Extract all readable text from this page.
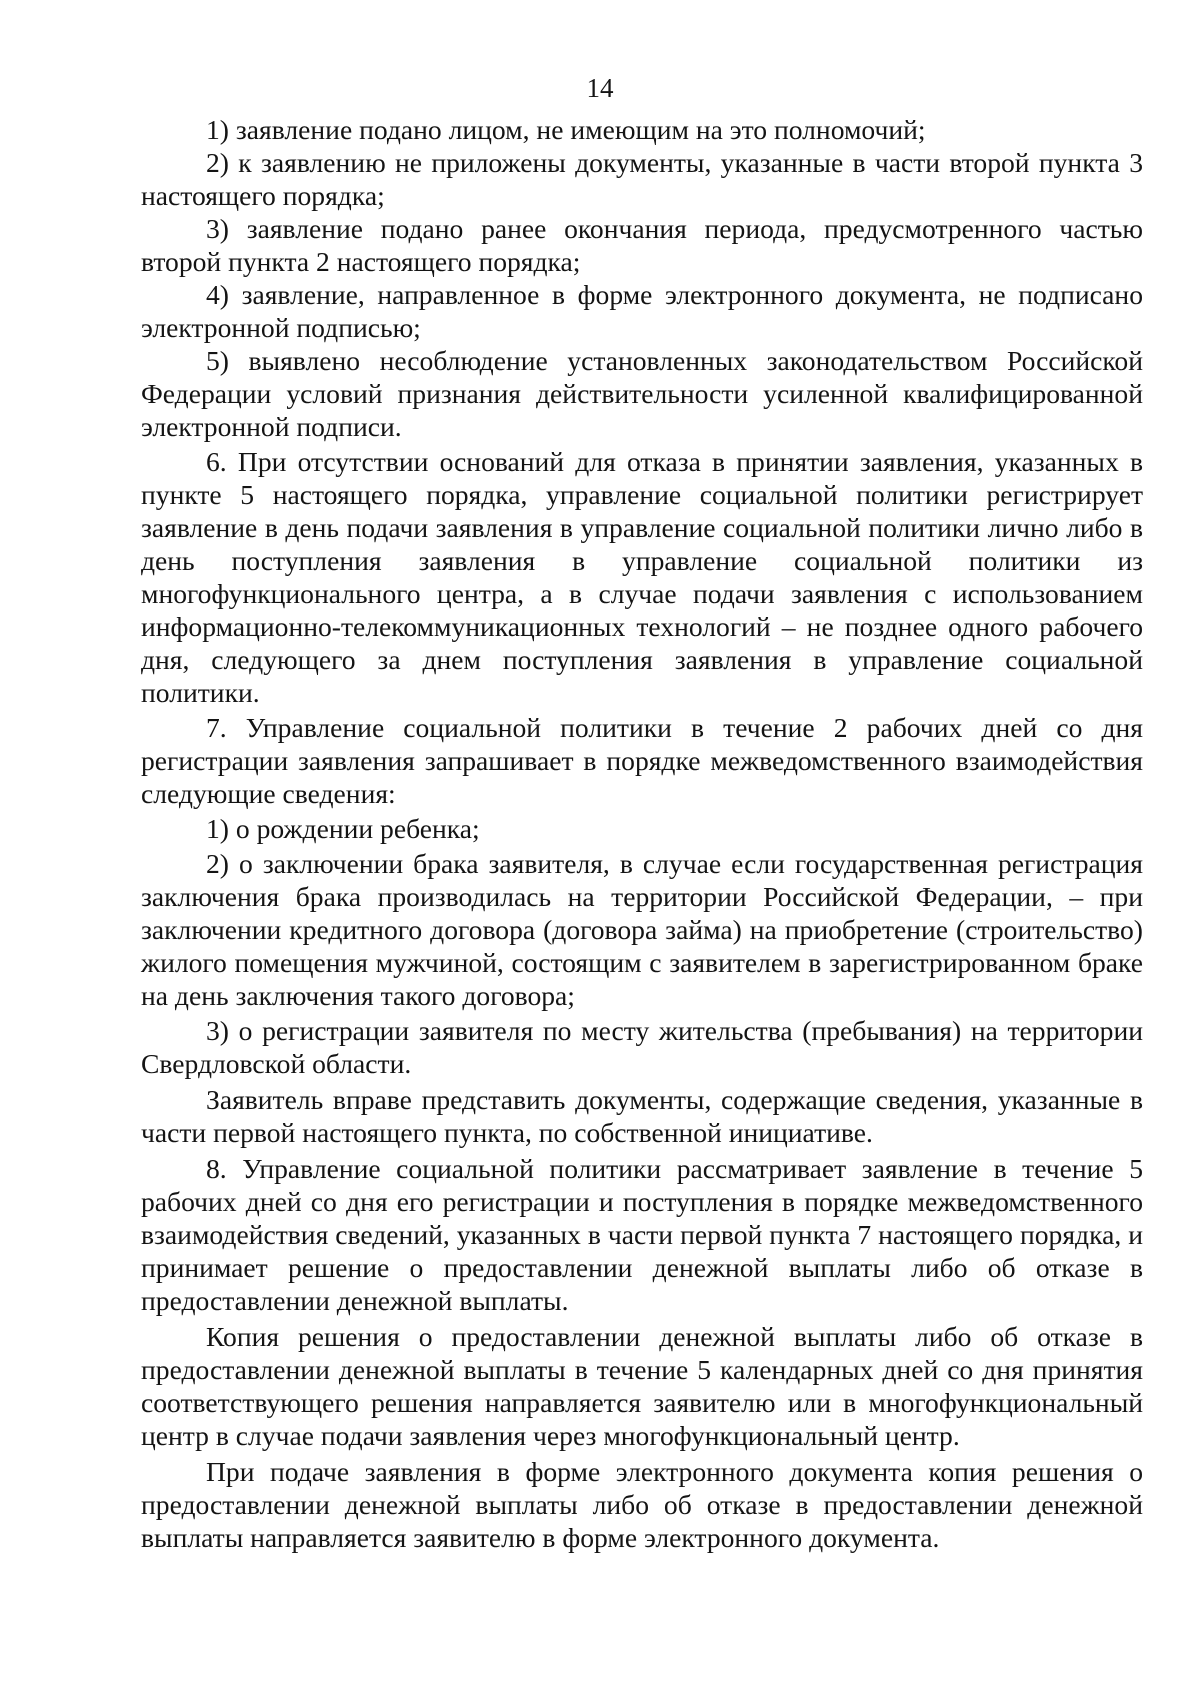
14

1) заявление подано лицом, не имеющим на это полномочий;

2) к заявлению не приложены документы, указанные в части второй пункта 3 настоящего порядка;

3) заявление подано ранее окончания периода, предусмотренного частью второй пункта 2 настоящего порядка;

4) заявление, направленное в форме электронного документа, не подписано электронной подписью;

5) выявлено несоблюдение установленных законодательством Российской Федерации условий признания действительности усиленной квалифицированной электронной подписи.

6. При отсутствии оснований для отказа в принятии заявления, указанных в пункте 5 настоящего порядка, управление социальной политики регистрирует заявление в день подачи заявления в управление социальной политики лично либо в день поступления заявления в управление социальной политики из многофункционального центра, а в случае подачи заявления с использованием информационно-телекоммуникационных технологий – не позднее одного рабочего дня, следующего за днем поступления заявления в управление социальной политики.

7. Управление социальной политики в течение 2 рабочих дней со дня регистрации заявления запрашивает в порядке межведомственного взаимодействия следующие сведения:

1) о рождении ребенка;

2) о заключении брака заявителя, в случае если государственная регистрация заключения брака производилась на территории Российской Федерации, – при заключении кредитного договора (договора займа) на приобретение (строительство) жилого помещения мужчиной, состоящим с заявителем в зарегистрированном браке на день заключения такого договора;

3) о регистрации заявителя по месту жительства (пребывания) на территории Свердловской области.

Заявитель вправе представить документы, содержащие сведения, указанные в части первой настоящего пункта, по собственной инициативе.

8. Управление социальной политики рассматривает заявление в течение 5 рабочих дней со дня его регистрации и поступления в порядке межведомственного взаимодействия сведений, указанных в части первой пункта 7 настоящего порядка, и принимает решение о предоставлении денежной выплаты либо об отказе в предоставлении денежной выплаты.

Копия решения о предоставлении денежной выплаты либо об отказе в предоставлении денежной выплаты в течение 5 календарных дней со дня принятия соответствующего решения направляется заявителю или в многофункциональный центр в случае подачи заявления через многофункциональный центр.

При подаче заявления в форме электронного документа копия решения о предоставлении денежной выплаты либо об отказе в предоставлении денежной выплаты направляется заявителю в форме электронного документа.
